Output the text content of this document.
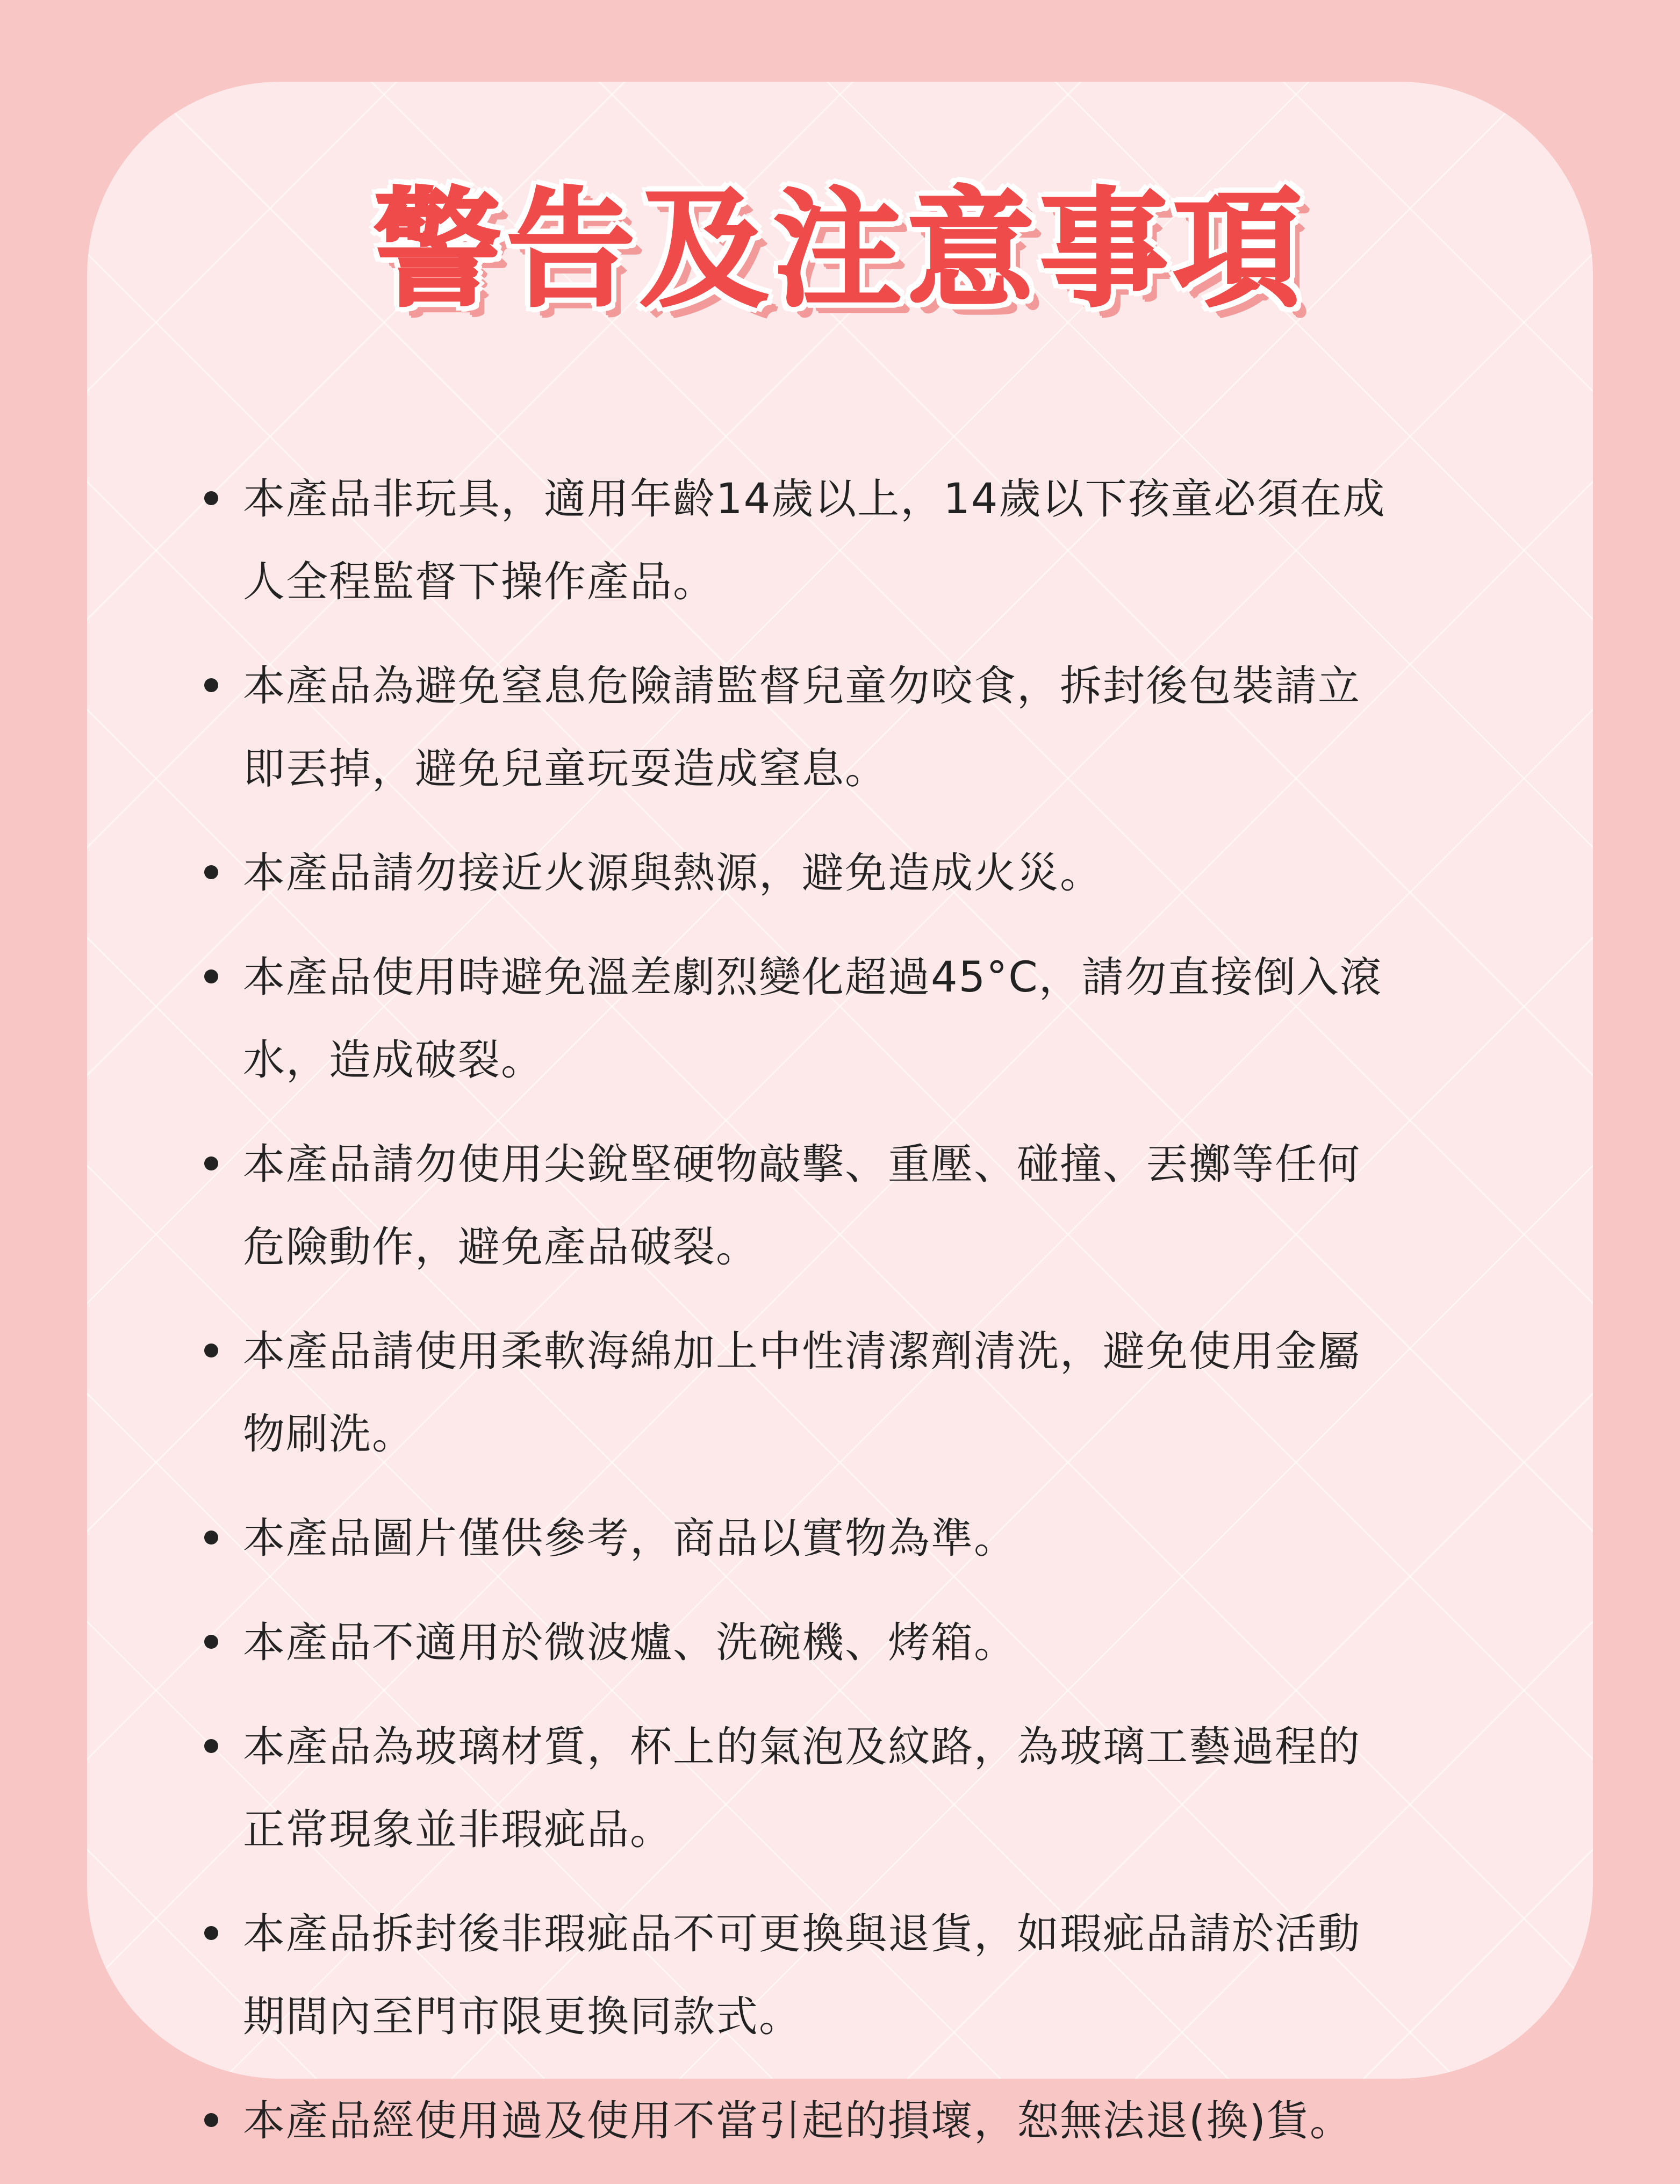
警告及注意事項
本產品非玩具，適用年齡14歲以上，14歲以下孩童必須在成
人全程監督下操作產品。
本產品為避免窒息危險請監督兒童勿咬食，拆封後包裝請立
即丟掉，避免兒童玩耍造成窒息。
本產品請勿接近火源與熱源，避免造成火災。
本產品使用時避免溫差劇烈變化超過45°C，請勿直接倒入滾
水，造成破裂。
本產品請勿使用尖銳堅硬物敲擊、重壓、碰撞、丟擲等任何
危險動作，避免產品破裂。
本產品請使用柔軟海綿加上中性清潔劑清洗，避免使用金屬
物刷洗。
本產品圖片僅供參考，商品以實物為準。
本產品不適用於微波爐、洗碗機、烤箱。
本產品為玻璃材質，杯上的氣泡及紋路，為玻璃工藝過程的
正常現象並非瑕疵品。
本產品拆封後非瑕疵品不可更換與退貨，如瑕疵品請於活動
期間內至門市限更換同款式。
本產品經使用過及使用不當引起的損壞，恕無法退(換)貨。
